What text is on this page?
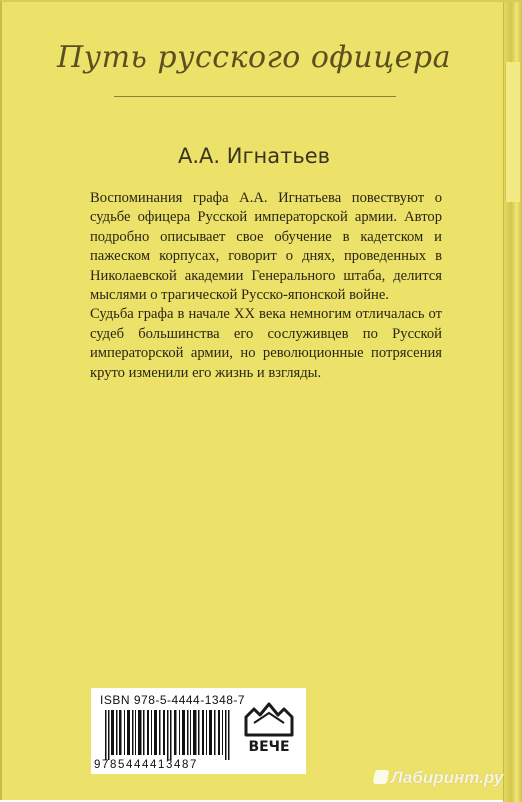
Путь русского офицера
А.А. Игнатьев

Воспоминания графа А.А. Игнатьева повествуют о судьбе офицера Русской императорской армии. Автор подробно описывает свое обучение в кадетском и пажеском корпусах, говорит о днях, проведенных в Николаевской академии Генерального штаба, делится мыслями о трагической Русско-японской войне.

Судьба графа в начале XX века немногим отличалась от судеб большинства его сослуживцев по Русской императорской армии, но революционные потрясения круто изменили его жизнь и взгляды.

ISBN 978-5-4444-1348-7
9785444413487
ВЕЧЕ
Лабиринт.ру
